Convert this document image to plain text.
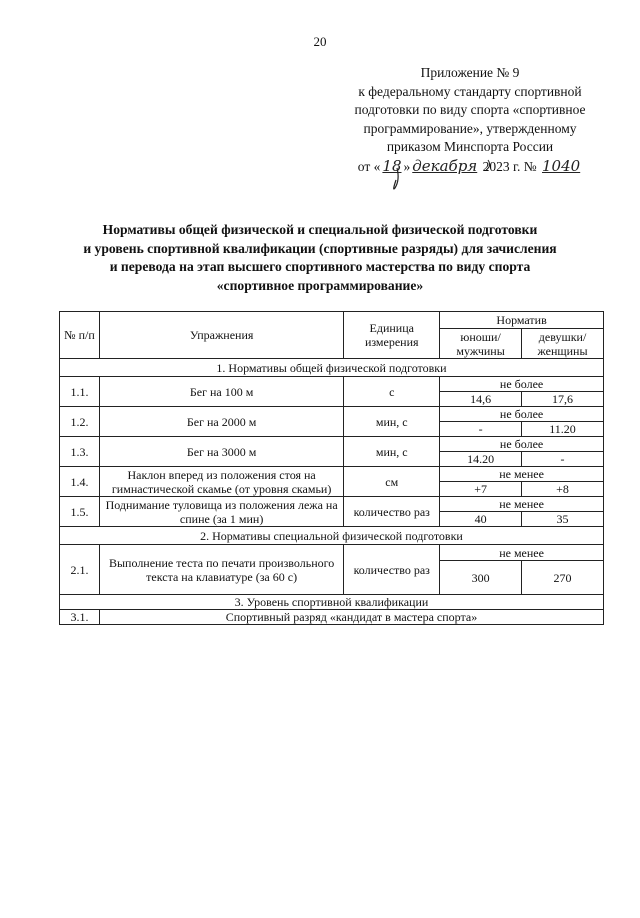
20
Приложение № 9
к федеральному стандарту спортивной
подготовки по виду спорта «спортивное
программирование», утвержденному
приказом Минспорта России
от « 18 » декабря 2023 г. № 1040
Нормативы общей физической и специальной физической подготовки
и уровень спортивной квалификации (спортивные разряды) для зачисления
и перевода на этап высшего спортивного мастерства по виду спорта
«спортивное программирование»
№ п/п	Упражнения	Единица измерения	Норматив	
			юноши/ мужчины	девушки/ женщины
1. Нормативы общей физической подготовки				
1.1.	Бег на 100 м	с	не более	
			14,6	17,6
1.2.	Бег на 2000 м	мин, с	не более	
			-	11.20
1.3.	Бег на 3000 м	мин, с	не более	
			14.20	-
1.4.	Наклон вперед из положения стоя на гимнастической скамье (от уровня скамьи)	см	не менее	
			+7	+8
1.5.	Поднимание туловища из положения лежа на спине (за 1 мин)	количество раз	не менее	
			40	35
2. Нормативы специальной физической подготовки				
2.1.	Выполнение теста по печати произвольного текста на клавиатуре (за 60 с)	количество раз	не менее	
			300	270
3. Уровень спортивной квалификации				
3.1.	Спортивный разряд «кандидат в мастера спорта»			
